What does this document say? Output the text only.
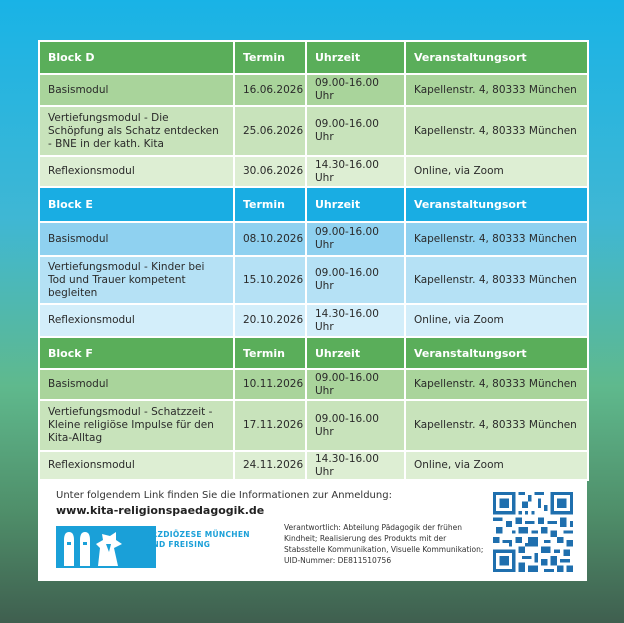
Block D	Termin	Uhrzeit	Veranstaltungsort
Basismodul	16.06.2026	09.00-16.00 Uhr	Kapellenstr. 4, 80333 München
Vertiefungsmodul - Die Schöpfung als Schatz entdecken - BNE in der kath. Kita	25.06.2026	09.00-16.00 Uhr	Kapellenstr. 4, 80333 München
Reflexionsmodul	30.06.2026	14.30-16.00 Uhr	Online, via Zoom
Block E	Termin	Uhrzeit	Veranstaltungsort
Basismodul	08.10.2026	09.00-16.00 Uhr	Kapellenstr. 4, 80333 München
Vertiefungsmodul - Kinder bei Tod und Trauer kompetent begleiten	15.10.2026	09.00-16.00 Uhr	Kapellenstr. 4, 80333 München
Reflexionsmodul	20.10.2026	14.30-16.00 Uhr	Online, via Zoom
Block F	Termin	Uhrzeit	Veranstaltungsort
Basismodul	10.11.2026	09.00-16.00 Uhr	Kapellenstr. 4, 80333 München
Vertiefungsmodul - Schatzzeit - Kleine religiöse Impulse für den Kita-Alltag	17.11.2026	09.00-16.00 Uhr	Kapellenstr. 4, 80333 München
Reflexionsmodul	24.11.2026	14.30-16.00 Uhr	Online, via Zoom
Unter folgendem Link finden Sie die Informationen zur Anmeldung:
www.kita-religionspaedagogik.de
ERZDIÖZESE MÜNCHEN
UND FREISING
Verantwortlich: Abteilung Pädagogik der frühen Kindheit; Realisierung des Produkts mit der Stabsstelle Kommunikation, Visuelle Kommunikation; UID-Nummer: DE811510756
